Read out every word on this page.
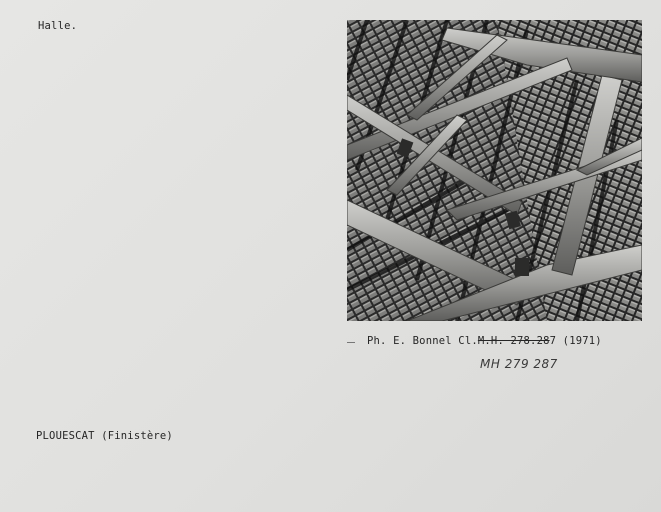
Halle.
Ph. E. Bonnel Cl.M.H. 278.287 (1971)
MH 279 287
PLOUESCAT (Finistère)
